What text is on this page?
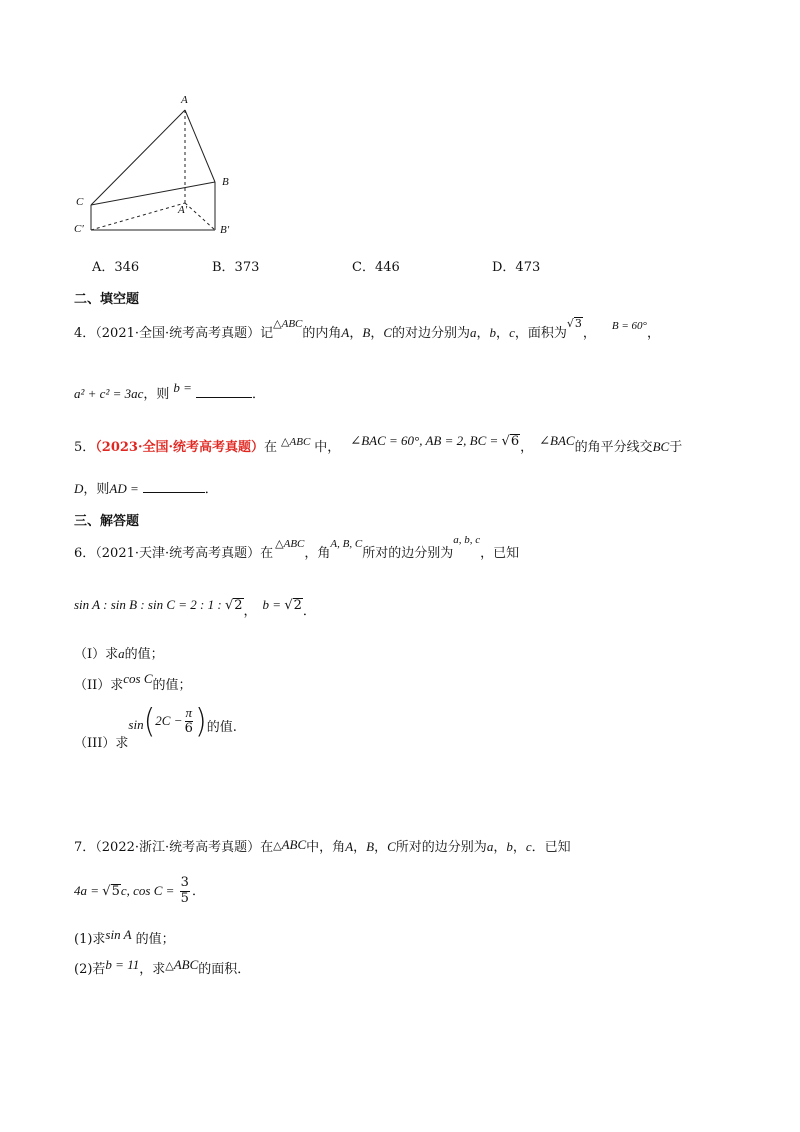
A
B
C
A′
B′
C′
A．346	B．373	C．446	D．473
二、填空题
4．（2021·全国·统考高考真题）记$^{\triangle ABC}$的内角A，B，C的对边分别为a，b，c，面积为$^{√3}$， $^{B = 60^\circ}$，
a² + c² = 3ac，则 b =	．
5．（2023·全国·统考高考真题）在 $^{\triangle ABC}$ 中， ∠BAC = 60°, AB = 2, BC = √6， ∠BAC的角平分线交BC于
D，则AD =	．
三、解答题
6．（2021·天津·统考高考真题）在$^{\triangle ABC}$，角$^{A, B, C}$所对的边分别为$^{a, b, c}$，已知
sin A : sin B : sin C = 2 : 1 : √2， b = √2．
（I）求a的值；
（II）求cos C的值；
（III）求$\sin(2C - \frac{\pi}{6}$ )的值.
7．（2022·浙江·统考高考真题）在△ABC中，角A，B，C所对的边分别为a，b，c．已知
4a = √5c, $\cos C = \frac{3}{5}$ ．
(1)求sin A 的值；
(2)若b = 11，求△ABC的面积．
